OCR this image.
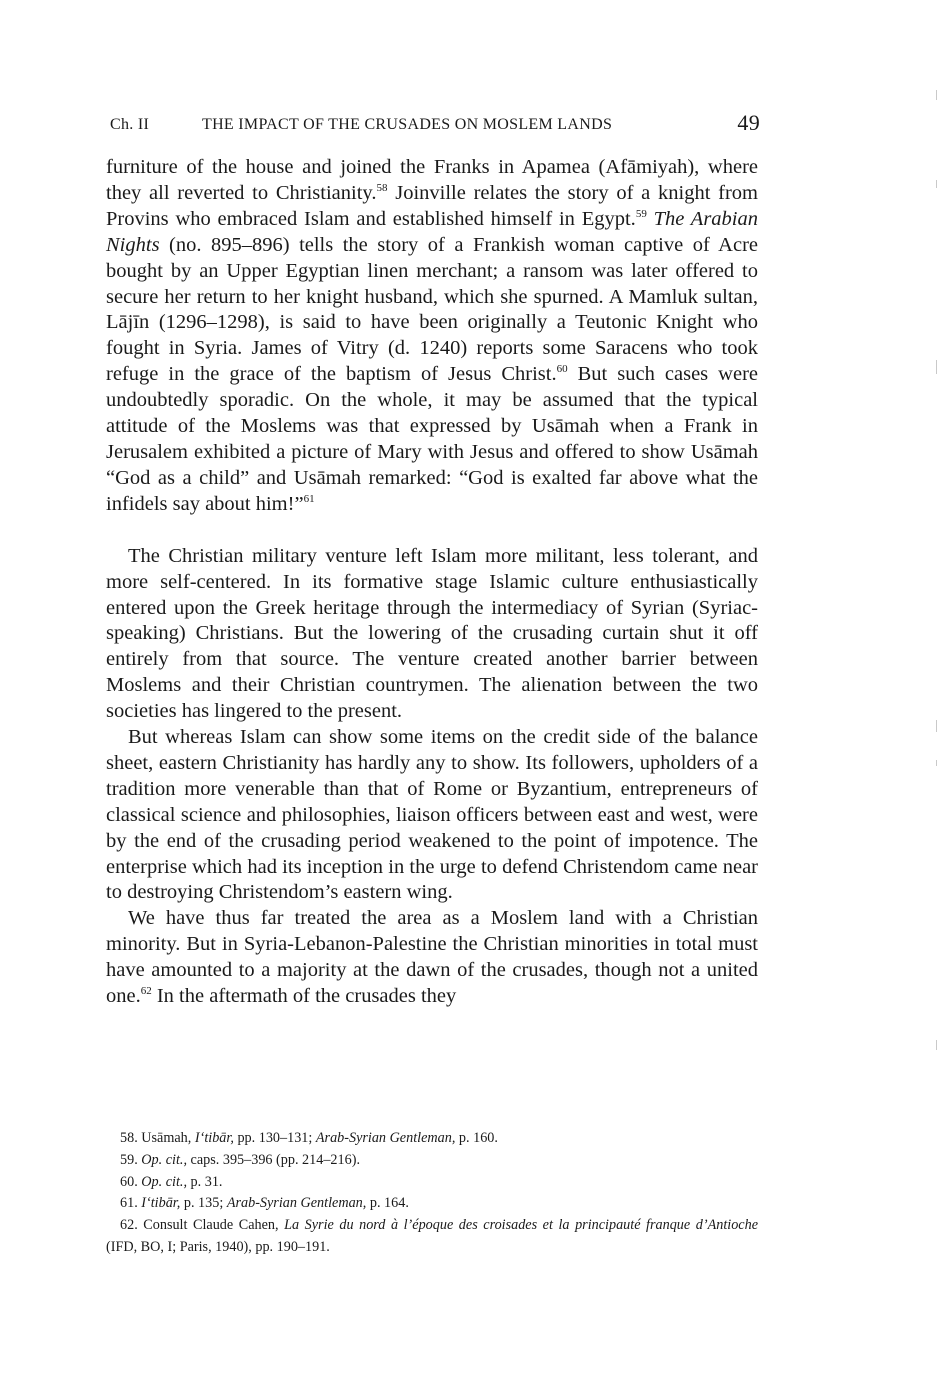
Ch. II	THE IMPACT OF THE CRUSADES ON MOSLEM LANDS	49

furniture of the house and joined the Franks in Apamea (Afāmiyah), where they all reverted to Christianity.$^{58}$ Joinville relates the story of a knight from Provins who embraced Islam and established himself in Egypt.$^{59}$ The Arabian Nights (no. 895–896) tells the story of a Frankish woman captive of Acre bought by an Upper Egyptian linen merchant; a ransom was later offered to secure her return to her knight husband, which she spurned. A Mamluk sultan, Lājīn (1296–1298), is said to have been originally a Teutonic Knight who fought in Syria. James of Vitry (d. 1240) reports some Saracens who took refuge in the grace of the baptism of Jesus Christ.$^{60}$ But such cases were undoubtedly sporadic. On the whole, it may be assumed that the typical attitude of the Moslems was that expressed by Usāmah when a Frank in Jerusalem exhibited a picture of Mary with Jesus and offered to show Usāmah “God as a child” and Usāmah remarked: “God is exalted far above what the infidels say about him!”$^{61}$

The Christian military venture left Islam more militant, less tolerant, and more self-centered. In its formative stage Islamic culture enthusiastically entered upon the Greek heritage through the intermediacy of Syrian (Syriac-speaking) Christians. But the lowering of the crusading curtain shut it off entirely from that source. The venture created another barrier between Moslems and their Christian countrymen. The alienation between the two societies has lingered to the present.

But whereas Islam can show some items on the credit side of the balance sheet, eastern Christianity has hardly any to show. Its followers, upholders of a tradition more venerable than that of Rome or Byzantium, entrepreneurs of classical science and philosophies, liaison officers between east and west, were by the end of the crusading period weakened to the point of impotence. The enterprise which had its inception in the urge to defend Christendom came near to destroying Christendom’s eastern wing.

We have thus far treated the area as a Moslem land with a Christian minority. But in Syria-Lebanon-Palestine the Christian minorities in total must have amounted to a majority at the dawn of the crusades, though not a united one.$^{62}$ In the aftermath of the crusades they

58. Usāmah, I‘tibār, pp. 130–131; Arab-Syrian Gentleman, p. 160.

59. Op. cit., caps. 395–396 (pp. 214–216).

60. Op. cit., p. 31.

61. I‘tibār, p. 135; Arab-Syrian Gentleman, p. 164.

62. Consult Claude Cahen, La Syrie du nord à l’époque des croisades et la principauté franque d’Antioche (IFD, BO, I; Paris, 1940), pp. 190–191.
